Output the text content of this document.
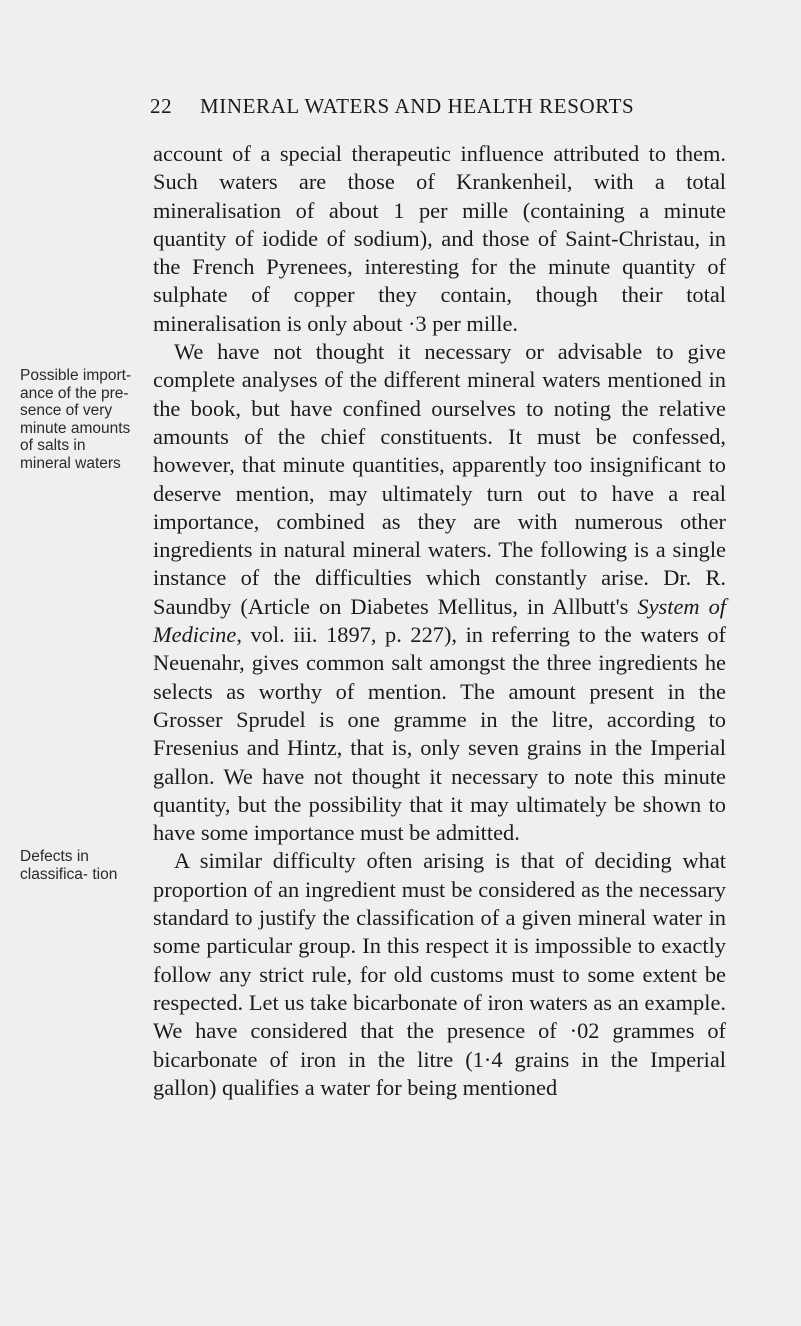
22 MINERAL WATERS AND HEALTH RESORTS
Possible import- ance of the pre- sence of very minute amounts of salts in mineral waters
Defects in classifica- tion

account of a special therapeutic influence attributed to them. Such waters are those of Krankenheil, with a total mineralisation of about 1 per mille (containing a minute quantity of iodide of sodium), and those of Saint-Christau, in the French Pyrenees, interesting for the minute quantity of sulphate of copper they contain, though their total mineralisation is only about ·3 per mille.

We have not thought it necessary or advisable to give complete analyses of the different mineral waters mentioned in the book, but have confined ourselves to noting the relative amounts of the chief constituents. It must be confessed, however, that minute quantities, apparently too insignificant to deserve mention, may ultimately turn out to have a real importance, combined as they are with numerous other ingredients in natural mineral waters. The following is a single instance of the difficulties which constantly arise. Dr. R. Saundby (Article on Diabetes Mellitus, in Allbutt's System of Medicine, vol. iii. 1897, p. 227), in referring to the waters of Neuenahr, gives common salt amongst the three ingredients he selects as worthy of mention. The amount present in the Grosser Sprudel is one gramme in the litre, according to Fresenius and Hintz, that is, only seven grains in the Imperial gallon. We have not thought it necessary to note this minute quantity, but the possibility that it may ultimately be shown to have some importance must be admitted.

A similar difficulty often arising is that of deciding what proportion of an ingredient must be considered as the necessary standard to justify the classification of a given mineral water in some particular group. In this respect it is impossible to exactly follow any strict rule, for old customs must to some extent be respected. Let us take bicarbonate of iron waters as an example. We have considered that the presence of ·02 grammes of bicarbonate of iron in the litre (1·4 grains in the Imperial gallon) qualifies a water for being mentioned
